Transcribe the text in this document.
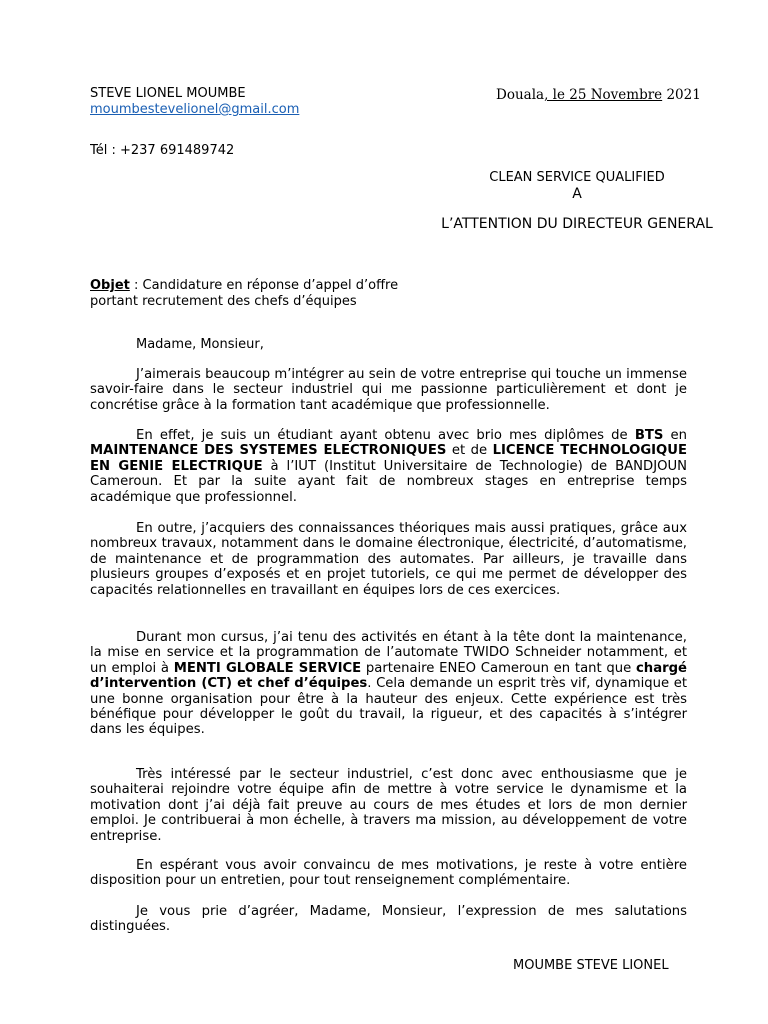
STEVE LIONEL MOUMBE
moumbestevelionel@gmail.com
Tél : +237 691489742
Douala, le 25 Novembre 2021
CLEAN SERVICE QUALIFIED
A
L’ATTENTION DU DIRECTEUR GENERAL
Objet : Candidature en réponse d’appel d’offre portant recrutement des chefs d’équipes
Madame, Monsieur,

J’aimerais beaucoup m’intégrer au sein de votre entreprise qui touche un immense savoir-faire dans le secteur industriel qui me passionne particulièrement et dont je concrétise grâce à la formation tant académique que professionnelle.

En effet, je suis un étudiant ayant obtenu avec brio mes diplômes de BTS en MAINTENANCE DES SYSTEMES ELECTRONIQUES et de LICENCE TECHNOLOGIQUE EN GENIE ELECTRIQUE à l’IUT (Institut Universitaire de Technologie) de BANDJOUN Cameroun. Et par la suite ayant fait de nombreux stages en entreprise temps académique que professionnel.

En outre, j’acquiers des connaissances théoriques mais aussi pratiques, grâce aux nombreux travaux, notamment dans le domaine électronique, électricité, d’automatisme, de maintenance et de programmation des automates. Par ailleurs, je travaille dans plusieurs groupes d’exposés et en projet tutoriels, ce qui me permet de développer des capacités relationnelles en travaillant en équipes lors de ces exercices.

Durant mon cursus, j’ai tenu des activités en étant à la tête dont la maintenance, la mise en service et la programmation de l’automate TWIDO Schneider notamment, et un emploi à MENTI GLOBALE SERVICE partenaire ENEO Cameroun en tant que chargé d’intervention (CT) et chef d’équipes. Cela demande un esprit très vif, dynamique et une bonne organisation pour être à la hauteur des enjeux. Cette expérience est très bénéfique pour développer le goût du travail, la rigueur, et des capacités à s’intégrer dans les équipes.

Très intéressé par le secteur industriel, c’est donc avec enthousiasme que je souhaiterai rejoindre votre équipe afin de mettre à votre service le dynamisme et la motivation dont j’ai déjà fait preuve au cours de mes études et lors de mon dernier emploi. Je contribuerai à mon échelle, à travers ma mission, au développement de votre entreprise.

En espérant vous avoir convaincu de mes motivations, je reste à votre entière disposition pour un entretien, pour tout renseignement complémentaire.

Je vous prie d’agréer, Madame, Monsieur, l’expression de mes salutations distinguées.

MOUMBE STEVE LIONEL
